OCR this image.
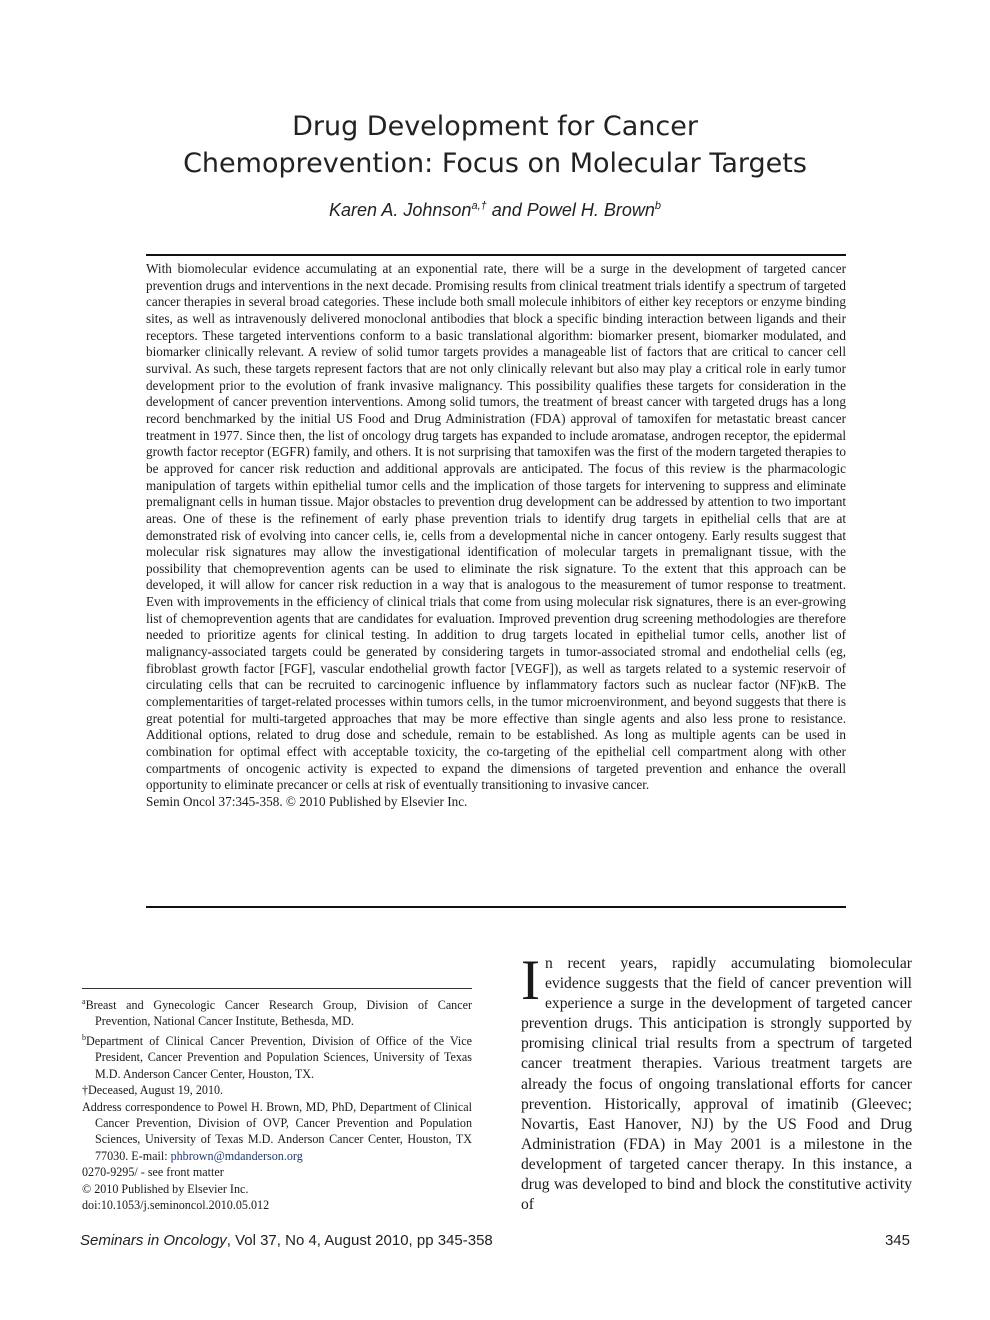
Drug Development for Cancer
Chemoprevention: Focus on Molecular Targets
Karen A. Johnson$^{a,\dagger}$ and Powel H. Brown$^b$

With biomolecular evidence accumulating at an exponential rate, there will be a surge in the development of targeted cancer prevention drugs and interventions in the next decade. Promising results from clinical treatment trials identify a spectrum of targeted cancer therapies in several broad categories. These include both small molecule inhibitors of either key receptors or enzyme binding sites, as well as intravenously delivered monoclonal antibodies that block a specific binding interaction between ligands and their receptors. These targeted interventions conform to a basic translational algorithm: biomarker present, biomarker modulated, and biomarker clinically relevant. A review of solid tumor targets provides a manageable list of factors that are critical to cancer cell survival. As such, these targets represent factors that are not only clinically relevant but also may play a critical role in early tumor development prior to the evolution of frank invasive malignancy. This possibility qualifies these targets for consideration in the development of cancer prevention interventions. Among solid tumors, the treatment of breast cancer with targeted drugs has a long record benchmarked by the initial US Food and Drug Administration (FDA) approval of tamoxifen for metastatic breast cancer treatment in 1977. Since then, the list of oncology drug targets has expanded to include aromatase, androgen receptor, the epidermal growth factor receptor (EGFR) family, and others. It is not surprising that tamoxifen was the first of the modern targeted therapies to be approved for cancer risk reduction and additional approvals are anticipated. The focus of this review is the pharmacologic manipulation of targets within epithelial tumor cells and the implication of those targets for intervening to suppress and eliminate premalignant cells in human tissue. Major obstacles to prevention drug development can be addressed by attention to two important areas. One of these is the refinement of early phase prevention trials to identify drug targets in epithelial cells that are at demonstrated risk of evolving into cancer cells, ie, cells from a developmental niche in cancer ontogeny. Early results suggest that molecular risk signatures may allow the investigational identification of molecular targets in premalignant tissue, with the possibility that chemoprevention agents can be used to eliminate the risk signature. To the extent that this approach can be developed, it will allow for cancer risk reduction in a way that is analogous to the measurement of tumor response to treatment. Even with improvements in the efficiency of clinical trials that come from using molecular risk signatures, there is an ever-growing list of chemoprevention agents that are candidates for evaluation. Improved prevention drug screening methodologies are therefore needed to prioritize agents for clinical testing. In addition to drug targets located in epithelial tumor cells, another list of malignancy-associated targets could be generated by considering targets in tumor-associated stromal and endothelial cells (eg, fibroblast growth factor [FGF], vascular endothelial growth factor [VEGF]), as well as targets related to a systemic reservoir of circulating cells that can be recruited to carcinogenic influence by inflammatory factors such as nuclear factor (NF)κB. The complementarities of target-related processes within tumors cells, in the tumor microenvironment, and beyond suggests that there is great potential for multi-targeted approaches that may be more effective than single agents and also less prone to resistance. Additional options, related to drug dose and schedule, remain to be established. As long as multiple agents can be used in combination for optimal effect with acceptable toxicity, the co-targeting of the epithelial cell compartment along with other compartments of oncogenic activity is expected to expand the dimensions of targeted prevention and enhance the overall opportunity to eliminate precancer or cells at risk of eventually transitioning to invasive cancer.

Semin Oncol 37:345-358. © 2010 Published by Elsevier Inc.

$^a$Breast and Gynecologic Cancer Research Group, Division of Cancer Prevention, National Cancer Institute, Bethesda, MD.

$^b$Department of Clinical Cancer Prevention, Division of Office of the Vice President, Cancer Prevention and Population Sciences, University of Texas M.D. Anderson Cancer Center, Houston, TX.

†Deceased, August 19, 2010.

Address correspondence to Powel H. Brown, MD, PhD, Department of Clinical Cancer Prevention, Division of OVP, Cancer Prevention and Population Sciences, University of Texas M.D. Anderson Cancer Center, Houston, TX 77030. E-mail: phbrown@mdanderson.org

0270-9295/ - see front matter

© 2010 Published by Elsevier Inc.

doi:10.1053/j.seminoncol.2010.05.012

In recent years, rapidly accumulating biomolecular evidence suggests that the field of cancer prevention will experience a surge in the development of targeted cancer prevention drugs. This anticipation is strongly supported by promising clinical trial results from a spectrum of targeted cancer treatment therapies. Various treatment targets are already the focus of ongoing translational efforts for cancer prevention. Historically, approval of imatinib (Gleevec; Novartis, East Hanover, NJ) by the US Food and Drug Administration (FDA) in May 2001 is a milestone in the development of targeted cancer therapy. In this instance, a drug was developed to bind and block the constitutive activity of

Seminars in Oncology, Vol 37, No 4, August 2010, pp 345-358	345
